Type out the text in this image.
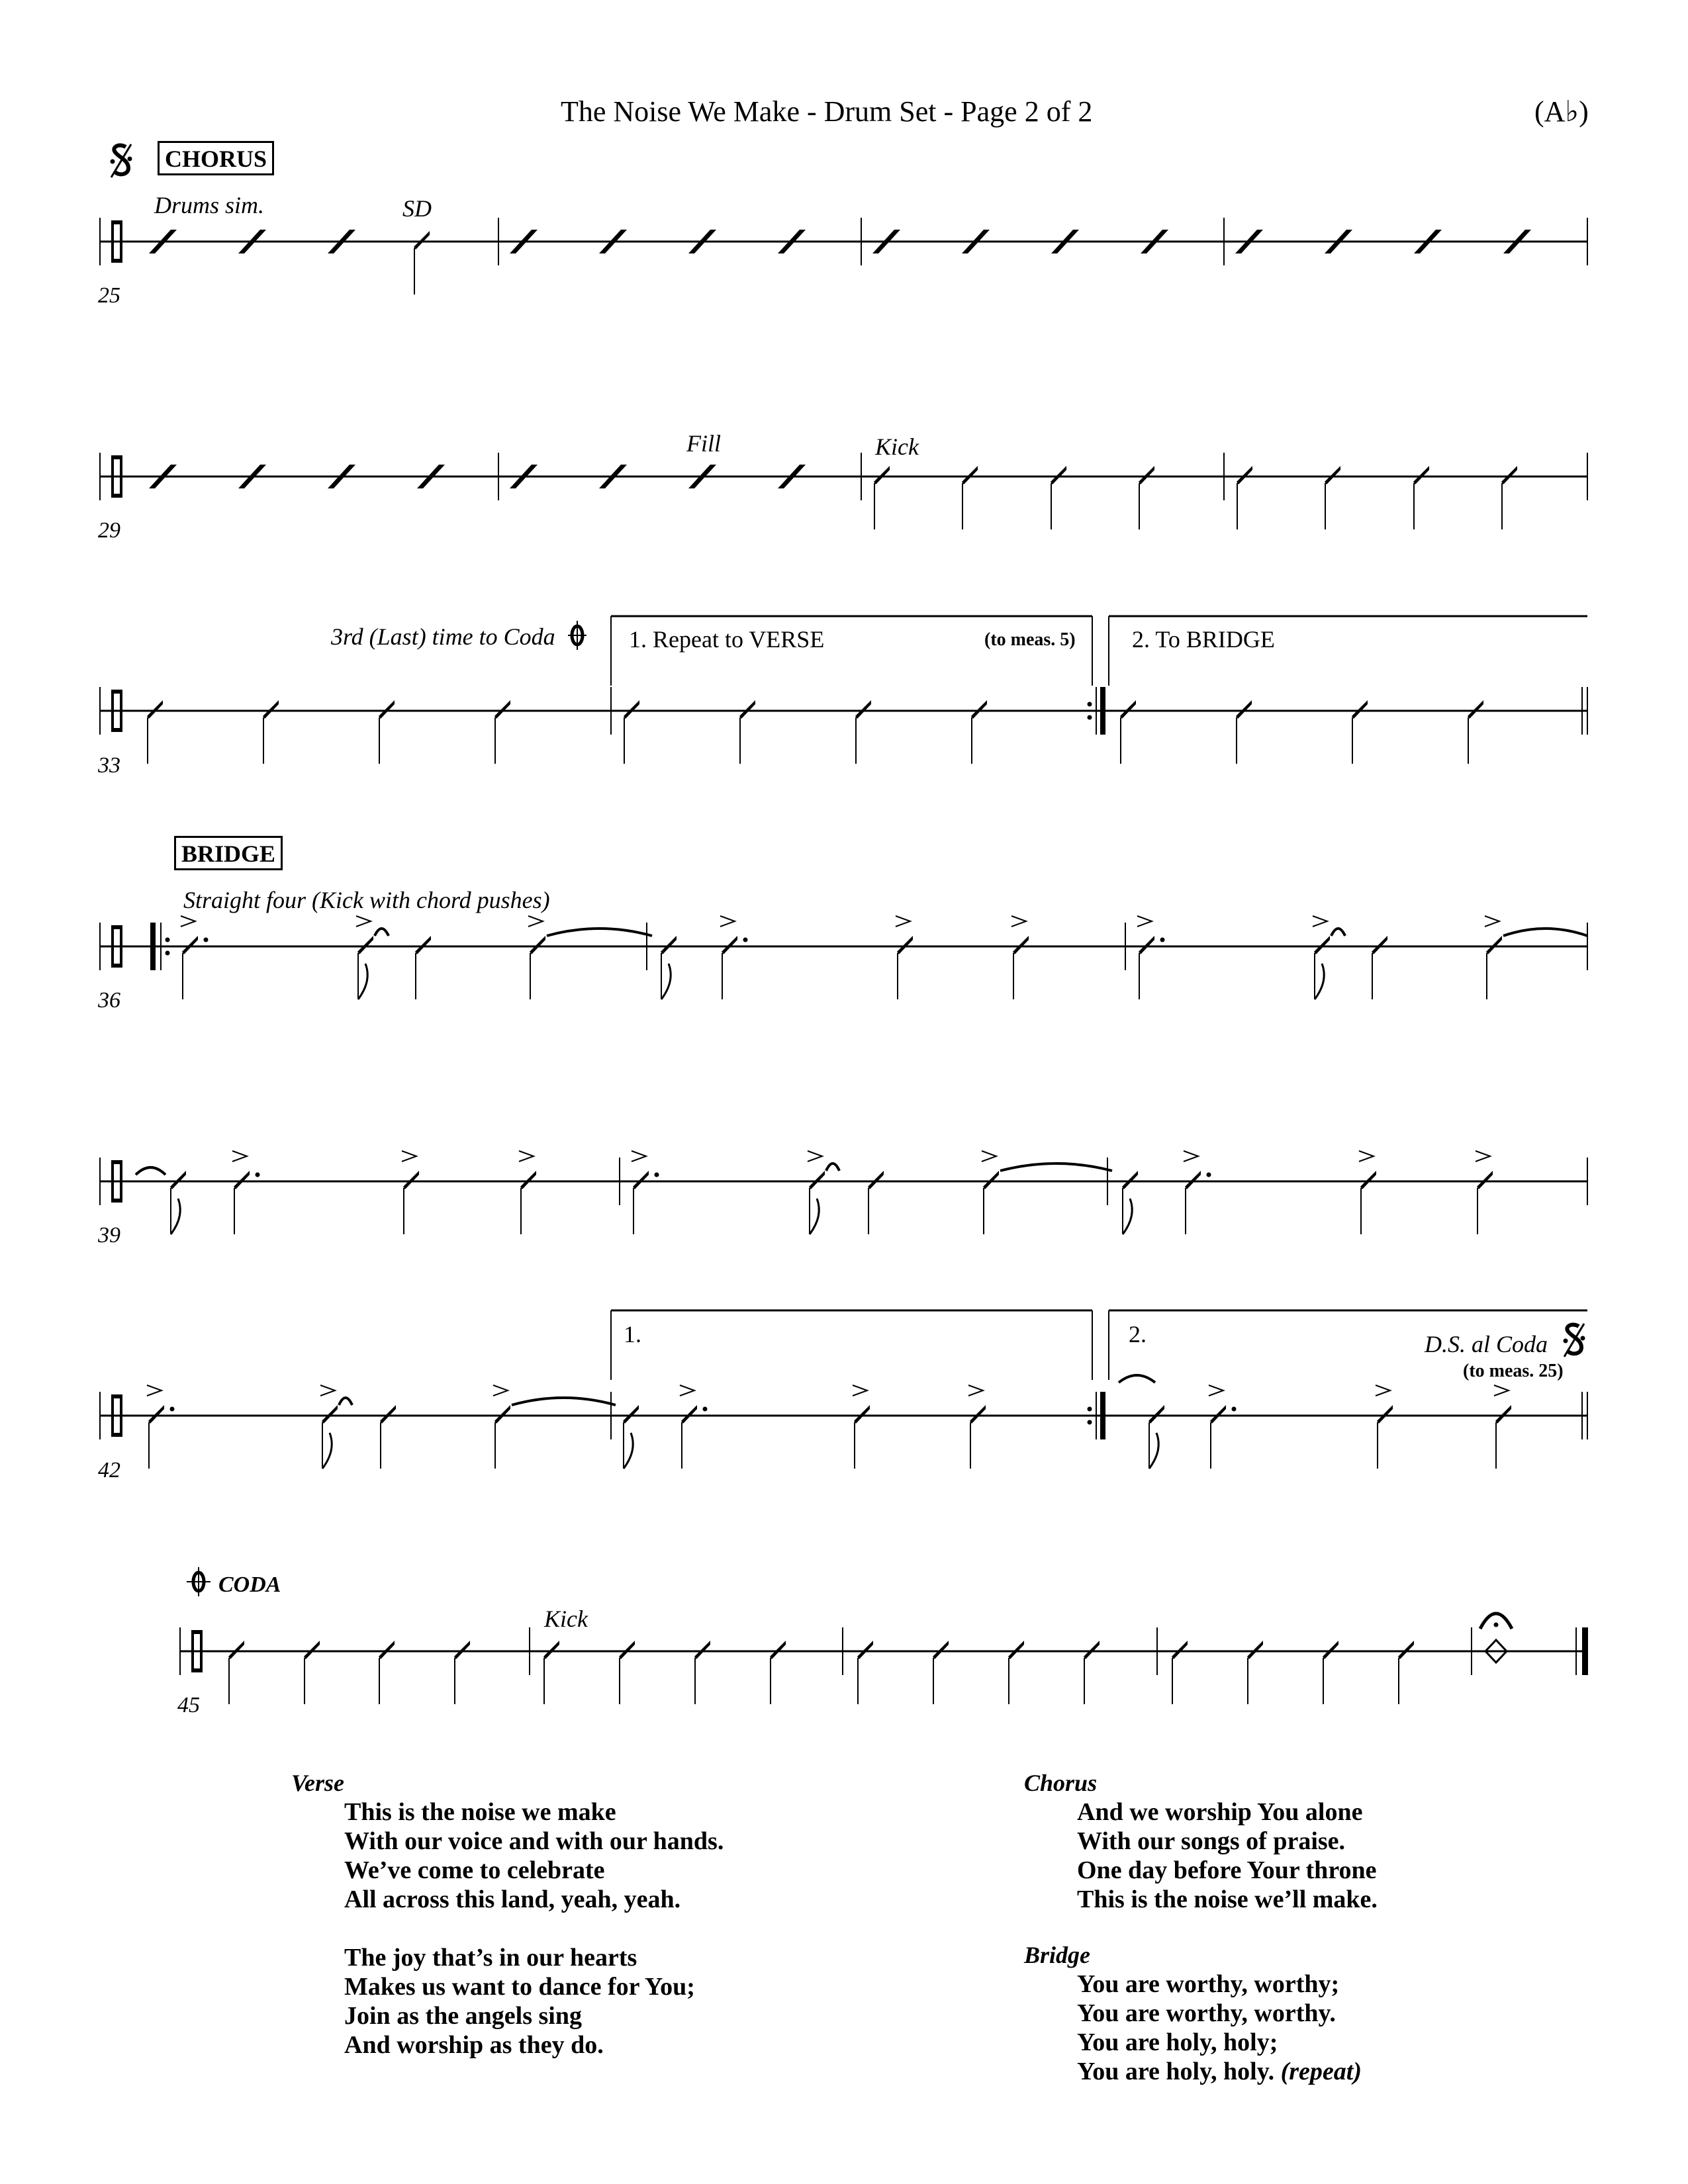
The Noise We Make - Drum Set - Page 2 of 2	(A♭)
CHORUS
Drums sim.	SD
Fill	Kick
3rd (Last) time to Coda	1. Repeat to VERSE	(to meas. 5) 2. To BRIDGE
BRIDGE
Straight four (Kick with chord pushes)
1.	2.	D.S. al Coda
(to meas. 25)
CODA
Kick
25
29
33
36
39
42
45
Verse
This is the noise we make
With our voice and with our hands.
We’ve come to celebrate
All across this land, yeah, yeah.
The joy that’s in our hearts
Makes us want to dance for You;
Join as the angels sing
And worship as they do.
Chorus
And we worship You alone
With our songs of praise.
One day before Your throne
This is the noise we’ll make.
Bridge
You are worthy, worthy;
You are worthy, worthy.
You are holy, holy;
You are holy, holy. (repeat)
